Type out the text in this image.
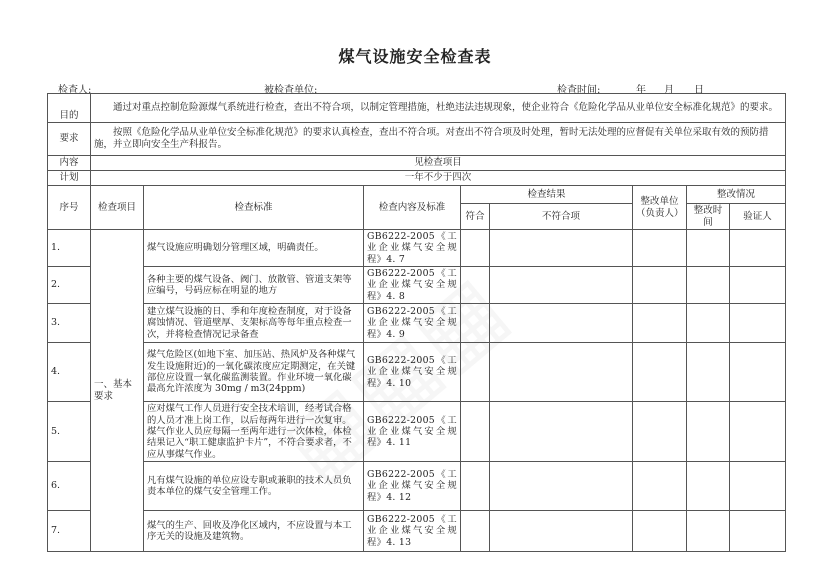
煤气设施安全检查表
检查人:	被检查单位:	检查时间:	年 月 日
目的	通过对重点控制危险源煤气系统进行检查，查出不符合项，以制定管理措施，杜绝违法违规现象，使企业符合《危险化学品从业单位安全标准化规范》的要求。							

要求	按照《危险化学品从业单位安全标准化规范》的要求认真检查，查出不符合项。对查出不符合项及时处理，暂时无法处理的应督促有关单位采取有效的预防措施，并立即向安全生产科报告。							

内容	见检查项目							
计划	一年不少于四次							
序号	检查项目	检查标准	检查内容及标准	检查结果		整改单位（负责人）	整改情况	
				符合	不符合项		整改时间	验证人
1.	一、基本要求	煤气设施应明确划分管理区域，明确责任。	GB6222-2005《工业企业煤气安全规程》4. 7					
2.		各种主要的煤气设备、阀门、放散管、管道支架等应编号，号码应标在明显的地方	GB6222-2005《工业企业煤气安全规程》4. 8					
3.		建立煤气设施的日、季和年度检查制度，对于设备腐蚀情况、管道壁厚、支架标高等每年重点检查一次，并将检查情况记录备查	GB6222-2005《工业企业煤气安全规程》4. 9					
4.		煤气危险区(如地下室、加压站、热风炉及各种煤气发生设施附近)的一氧化碳浓度应定期测定，在关键部位应设置一氧化碳监测装置。作业环境一氧化碳最高允许浓度为 30mg / m3(24ppm)	GB6222-2005《工业企业煤气安全规程》4. 10					
5.		应对煤气工作人员进行安全技术培训，经考试合格的人员才准上岗工作，以后每两年进行一次复审。煤气作业人员应每隔一至两年进行一次体检，体检结果记入“职工健康监护卡片”，不符合要求者，不应从事煤气作业。	GB6222-2005《工业企业煤气安全规程》4. 11					
6.		凡有煤气设施的单位应设专职或兼职的技术人员负责本单位的煤气安全管理工作。	GB6222-2005《工业企业煤气安全规程》4. 12					
7.		煤气的生产、回收及净化区域内，不应设置与本工序无关的设施及建筑物。	GB6222-2005《工业企业煤气安全规程》4. 13					
